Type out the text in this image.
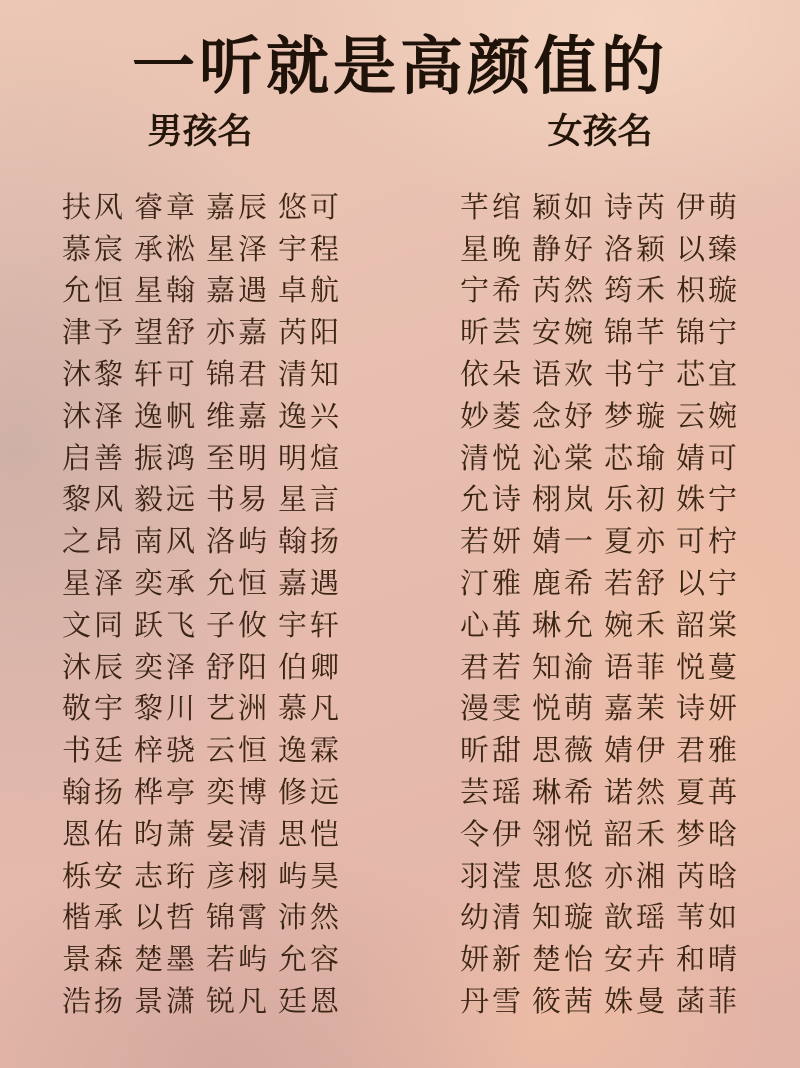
一听就是高颜值的
男孩名	女孩名
扶风 睿章 嘉辰 悠可
慕宸 承淞 星泽 宇程
允恒 星翰 嘉遇 卓航
津予 望舒 亦嘉 芮阳
沐黎 轩可 锦君 清知
沐泽 逸帆 维嘉 逸兴
启善 振鸿 至明 明煊
黎风 毅远 书易 星言
之昂 南风 洛屿 翰扬
星泽 奕承 允恒 嘉遇
文同 跃飞 子攸 宇轩
沐辰 奕泽 舒阳 伯卿
敬宇 黎川 艺洲 慕凡
书廷 梓骁 云恒 逸霖
翰扬 桦亭 奕博 修远
恩佑 昀萧 晏清 思恺
栎安 志珩 彦栩 屿昊
楷承 以哲 锦霄 沛然
景森 楚墨 若屿 允容
浩扬 景潇 锐凡 廷恩
芊绾 颖如 诗芮 伊萌
星晚 静好 洛颖 以臻
宁希 芮然 筠禾 枳璇
昕芸 安婉 锦芊 锦宁
依朵 语欢 书宁 芯宜
妙菱 念妤 梦璇 云婉
清悦 沁棠 芯瑜 婧可
允诗 栩岚 乐初 姝宁
若妍 婧一 夏亦 可柠
汀雅 鹿希 若舒 以宁
心苒 琳允 婉禾 韶棠
君若 知渝 语菲 悦蔓
漫雯 悦萌 嘉茉 诗妍
昕甜 思薇 婧伊 君雅
芸瑶 琳希 诺然 夏苒
令伊 翎悦 韶禾 梦晗
羽滢 思悠 亦湘 芮晗
幼清 知璇 歆瑶 苇如
妍新 楚怡 安卉 和晴
丹雪 筱茜 姝曼 菡菲
